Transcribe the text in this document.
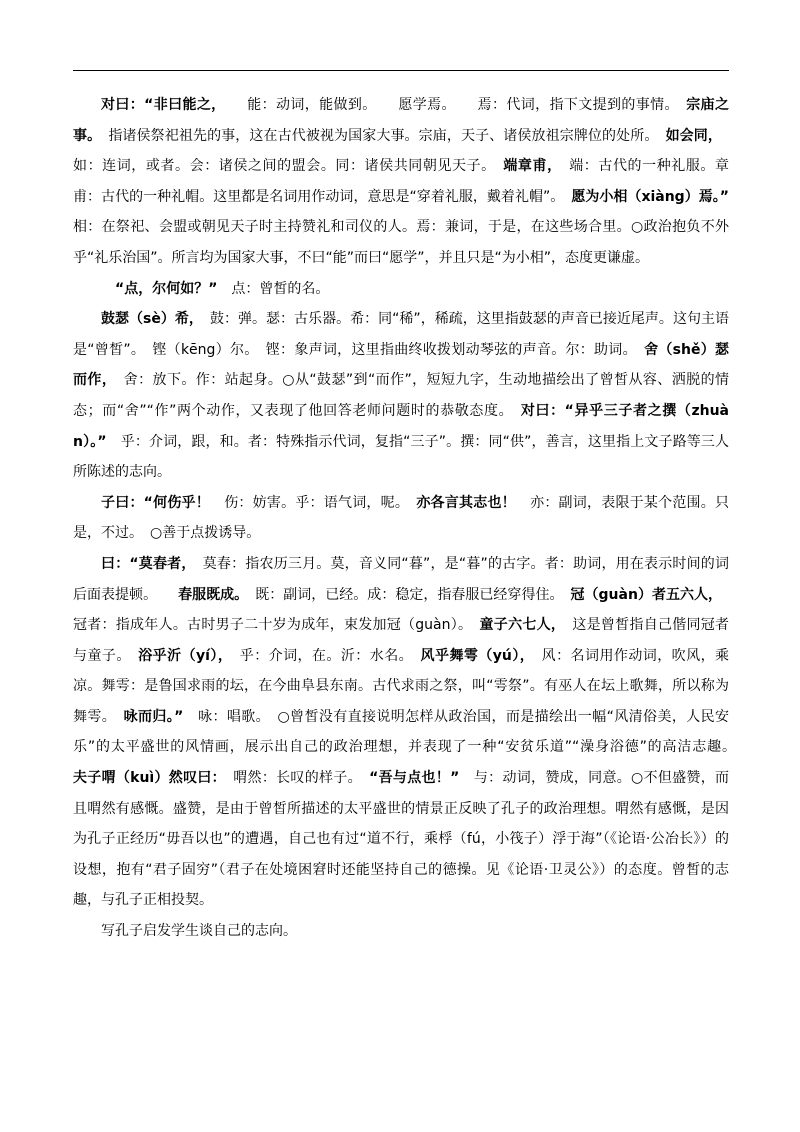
对曰：“非曰能之，　　能：动词，能做到。　　愿学焉。　　焉：代词，指下文提到的事情。　宗庙之事。　指诸侯祭祀祖先的事，这在古代被视为国家大事。宗庙，天子、诸侯放祖宗牌位的处所。　如会同，　如：连词，或者。会：诸侯之间的盟会。同：诸侯共同朝见天子。　端章甫，　端：古代的一种礼服。章甫：古代的一种礼帽。这里都是名词用作动词，意思是“穿着礼服，戴着礼帽”。　愿为小相（xiàng）焉。”　　相：在祭祀、会盟或朝见天子时主持赞礼和司仪的人。焉：兼词，于是，在这些场合里。○政治抱负不外乎“礼乐治国”。所言均为国家大事，不曰“能”而曰“愿学”，并且只是“为小相”，态度更谦虚。

　“点，尔何如？”　点：曾皙的名。

鼓瑟（sè）希，　鼓：弹。瑟：古乐器。希：同“稀”，稀疏，这里指鼓瑟的声音已接近尾声。这句主语是“曾皙”。　铿（kēng）尔。　铿：象声词，这里指曲终收拨划动琴弦的声音。尔：助词。　舍（shě）瑟而作，　舍：放下。作：站起身。○从“鼓瑟”到“而作”，短短九字，生动地描绘出了曾皙从容、洒脱的情态；而“舍”“作”两个动作，又表现了他回答老师问题时的恭敬态度。　对曰：“异乎三子者之撰（zhuàn）。”　乎：介词，跟，和。者：特殊指示代词，复指“三子”。撰：同“供”，善言，这里指上文子路等三人所陈述的志向。

子曰：“何伤乎！　伤：妨害。乎：语气词，呢。　亦各言其志也！　亦：副词，表限于某个范围。只是，不过。　○善于点拨诱导。

曰：“莫春者，　莫春：指农历三月。莫，音义同“暮”，是“暮”的古字。者：助词，用在表示时间的词后面表提顿。　　春服既成。　既：副词，已经。成：稳定，指春服已经穿得住。　冠（guàn）者五六人，　冠者：指成年人。古时男子二十岁为成年，束发加冠（guàn）。　童子六七人，　这是曾皙指自己偕同冠者与童子。　浴乎沂（yí），　乎：介词，在。沂：水名。　风乎舞雩（yú），　风：名词用作动词，吹风，乘凉。舞雩：是鲁国求雨的坛，在今曲阜县东南。古代求雨之祭，叫“雩祭”。有巫人在坛上歌舞，所以称为舞雩。　咏而归。”　咏：唱歌。　○曾皙没有直接说明怎样从政治国，而是描绘出一幅“风清俗美，人民安乐”的太平盛世的风情画，展示出自己的政治理想，并表现了一种“安贫乐道”“澡身浴德”的高洁志趣。　　夫子喟（kuì）然叹曰：　喟然：长叹的样子。　“吾与点也！”　与：动词，赞成，同意。○不但盛赞，而且喟然有感慨。盛赞，是由于曾皙所描述的太平盛世的情景正反映了孔子的政治理想。喟然有感慨，是因为孔子正经历“毋吾以也”的遭遇，自己也有过“道不行，乘桴（fú，小筏子）浮于海”（《论语·公冶长》）的设想，抱有“君子固穷”（君子在处境困窘时还能坚持自己的德操。见《论语·卫灵公》）的态度。曾皙的志趣，与孔子正相投契。

写孔子启发学生谈自己的志向。
